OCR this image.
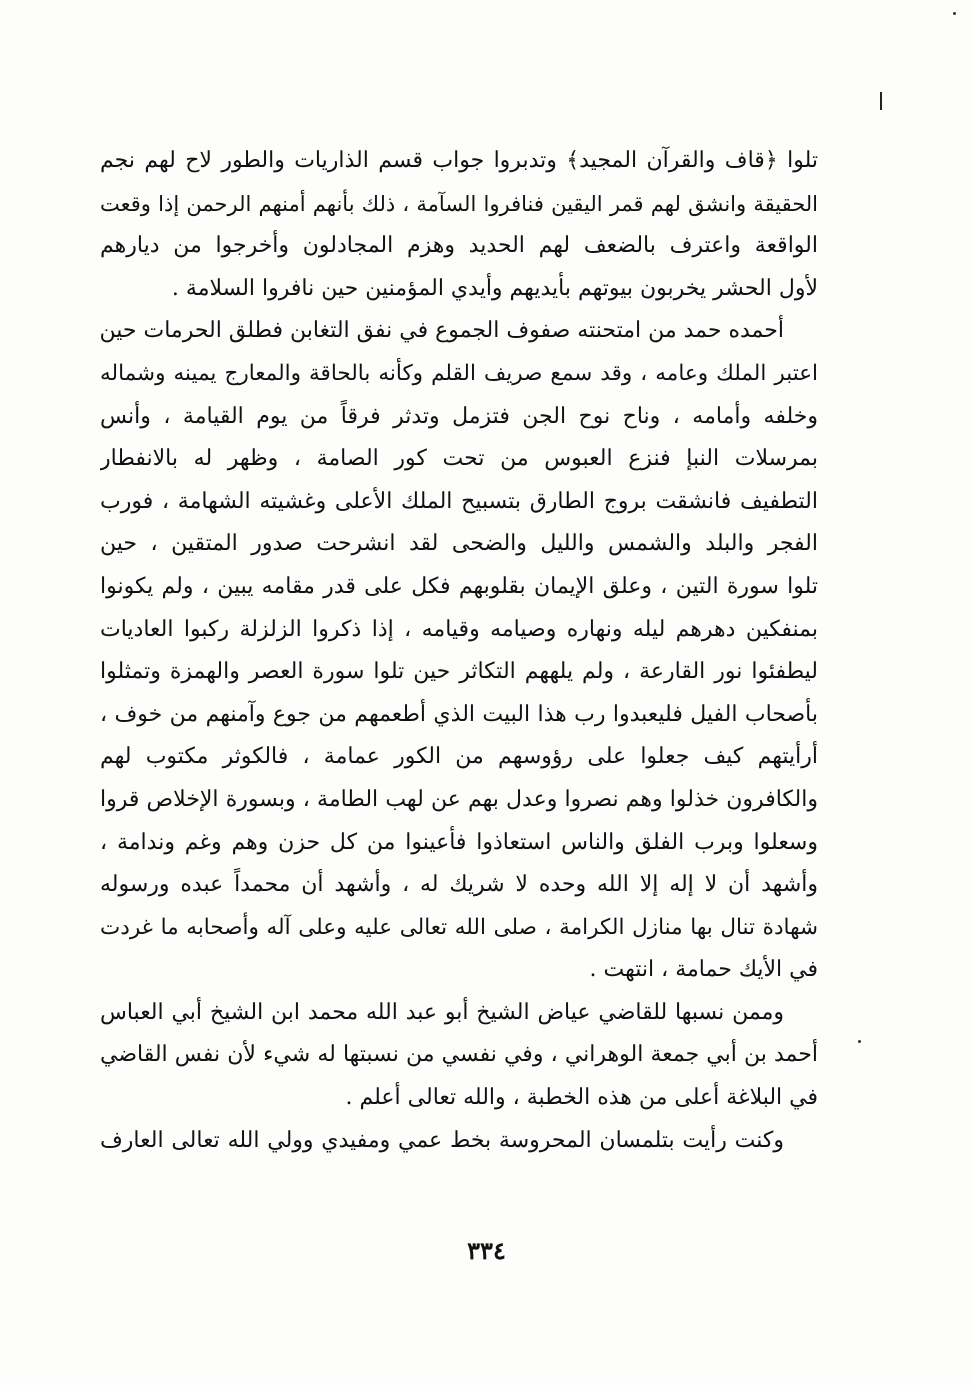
تلوا ﴿قاف والقرآن المجيد﴾ وتدبروا جواب قسم الذاريات والطور لاح لهم نجم
الحقيقة وانشق لهم قمر اليقين فنافروا السآمة ، ذلك بأنهم أمنهم الرحمن إذا وقعت
الواقعة واعترف بالضعف لهم الحديد وهزم المجادلون وأخرجوا من ديارهم
لأول الحشر يخربون بيوتهم بأيديهم وأيدي المؤمنين حين نافروا السلامة .
أحمده حمد من امتحنته صفوف الجموع في نفق التغابن فطلق الحرمات حين
اعتبر الملك وعامه ، وقد سمع صريف القلم وكأنه بالحاقة والمعارج يمينه وشماله
وخلفه وأمامه ، وناح نوح الجن فتزمل وتدثر فرقاً من يوم القيامة ، وأنس
بمرسلات النبإ فنزع العبوس من تحت كور الصامة ، وظهر له بالانفطار
التطفيف فانشقت بروج الطارق بتسبيح الملك الأعلى وغشيته الشهامة ، فورب
الفجر والبلد والشمس والليل والضحى لقد انشرحت صدور المتقين ، حين
تلوا سورة التين ، وعلق الإيمان بقلوبهم فكل على قدر مقامه يبين ، ولم يكونوا
بمنفكين دهرهم ليله ونهاره وصيامه وقيامه ، إذا ذكروا الزلزلة ركبوا العاديات
ليطفئوا نور القارعة ، ولم يلههم التكاثر حين تلوا سورة العصر والهمزة وتمثلوا
بأصحاب الفيل فليعبدوا رب هذا البيت الذي أطعمهم من جوع وآمنهم من خوف ،
أرأيتهم كيف جعلوا على رؤوسهم من الكور عمامة ، فالكوثر مكتوب لهم
والكافرون خذلوا وهم نصروا وعدل بهم عن لهب الطامة ، وبسورة الإخلاص قروا
وسعلوا وبرب الفلق والناس استعاذوا فأعينوا من كل حزن وهم وغم وندامة ،
وأشهد أن لا إله إلا الله وحده لا شريك له ، وأشهد أن محمداً عبده ورسوله
شهادة تنال بها منازل الكرامة ، صلى الله تعالى عليه وعلى آله وأصحابه ما غردت
في الأيك حمامة ، انتهت .
وممن نسبها للقاضي عياض الشيخ أبو عبد الله محمد ابن الشيخ أبي العباس
أحمد بن أبي جمعة الوهراني ، وفي نفسي من نسبتها له شيء لأن نفس القاضي
في البلاغة أعلى من هذه الخطبة ، والله تعالى أعلم .
وكنت رأيت بتلمسان المحروسة بخط عمي ومفيدي وولي الله تعالى العارف
٣٣٤
